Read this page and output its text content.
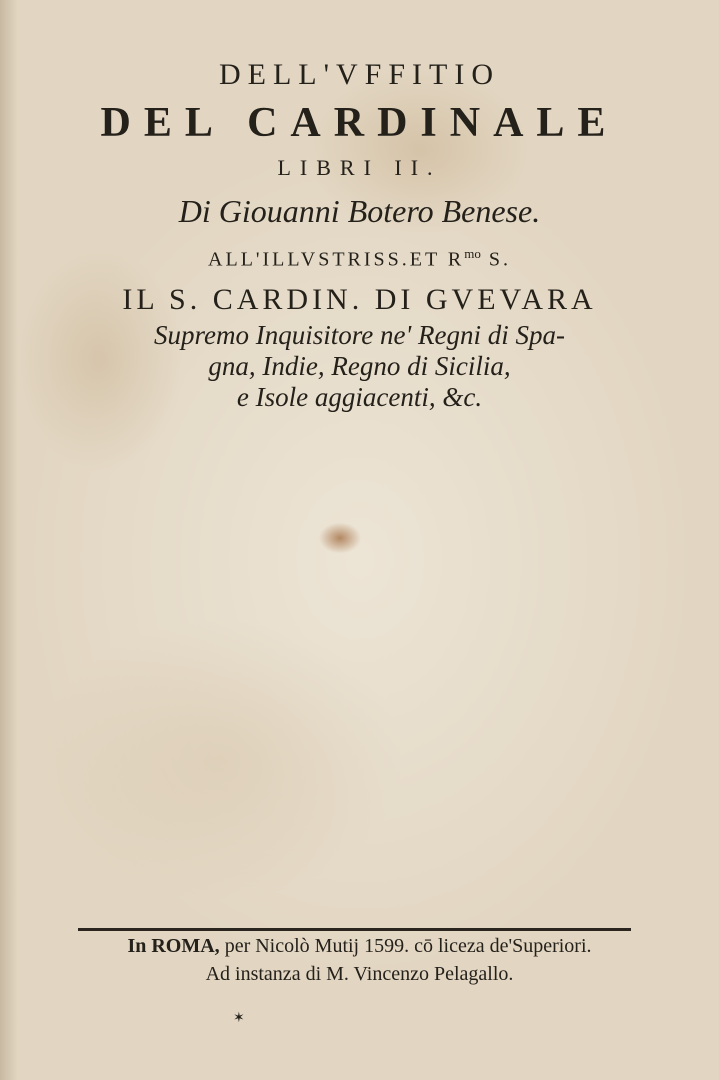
DELL'VFFITIO
DEL CARDINALE
LIBRI II.
Di Giouanni Botero Benese.
ALL'ILLVSTRISS.ET $R^{mo}$ S.
IL S. CARDIN. DI GVEVARA
Supremo Inquisitore ne' Regni di Spa-
gna, Indie, Regno di Sicilia,
e Isole aggiacenti, &c.
In ROMA, per Nicolò Mutij 1599. cō liceza de'Superiori.
Ad instanza di M. Vincenzo Pelagallo.
✶
